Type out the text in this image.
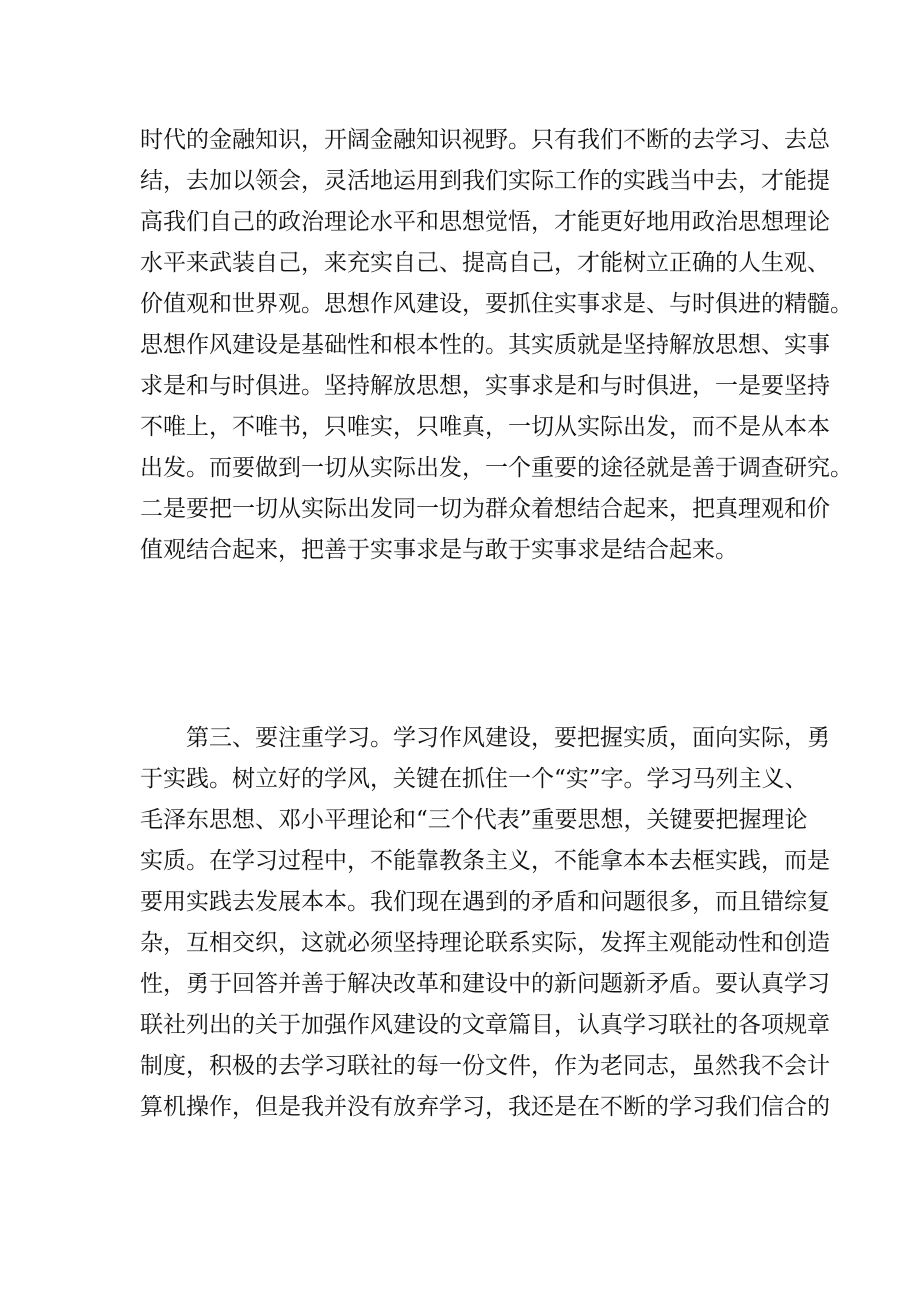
时代的金融知识，开阔金融知识视野。只有我们不断的去学习、去总
结，去加以领会，灵活地运用到我们实际工作的实践当中去，才能提
高我们自己的政治理论水平和思想觉悟，才能更好地用政治思想理论
水平来武装自己，来充实自己、提高自己，才能树立正确的人生观、
价值观和世界观。思想作风建设，要抓住实事求是、与时俱进的精髓。
思想作风建设是基础性和根本性的。其实质就是坚持解放思想、实事
求是和与时俱进。坚持解放思想，实事求是和与时俱进，一是要坚持
不唯上，不唯书，只唯实，只唯真，一切从实际出发，而不是从本本
出发。而要做到一切从实际出发，一个重要的途径就是善于调查研究。
二是要把一切从实际出发同一切为群众着想结合起来，把真理观和价
值观结合起来，把善于实事求是与敢于实事求是结合起来。
第三、要注重学习。学习作风建设，要把握实质，面向实际，勇
于实践。树立好的学风，关键在抓住一个“实”字。学习马列主义、
毛泽东思想、邓小平理论和“三个代表”重要思想，关键要把握理论
实质。在学习过程中，不能靠教条主义，不能拿本本去框实践，而是
要用实践去发展本本。我们现在遇到的矛盾和问题很多，而且错综复
杂，互相交织，这就必须坚持理论联系实际，发挥主观能动性和创造
性，勇于回答并善于解决改革和建设中的新问题新矛盾。要认真学习
联社列出的关于加强作风建设的文章篇目，认真学习联社的各项规章
制度，积极的去学习联社的每一份文件，作为老同志，虽然我不会计
算机操作，但是我并没有放弃学习，我还是在不断的学习我们信合的
